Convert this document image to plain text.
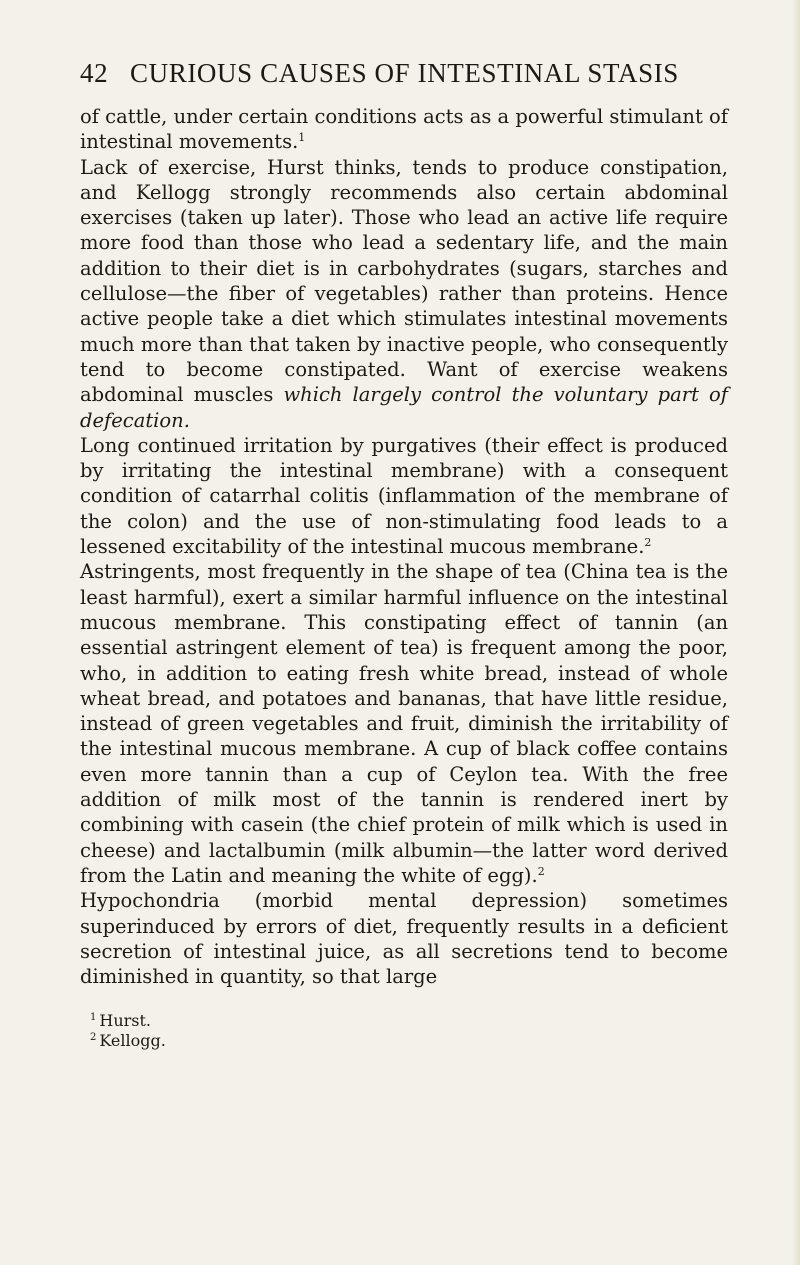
42 CURIOUS CAUSES OF INTESTINAL STASIS

of cattle, under certain conditions acts as a powerful stimulant of intestinal movements.$^1$

Lack of exercise, Hurst thinks, tends to produce constipation, and Kellogg strongly recommends also certain abdominal exercises (taken up later). Those who lead an active life require more food than those who lead a sedentary life, and the main addition to their diet is in carbohydrates (sugars, starches and cellulose—the fiber of vegetables) rather than proteins. Hence active people take a diet which stimulates intestinal movements much more than that taken by inactive people, who consequently tend to become constipated. Want of exercise weakens abdominal muscles which largely control the voluntary part of defecation.

Long continued irritation by purgatives (their effect is produced by irritating the intestinal membrane) with a consequent condition of catarrhal colitis (inflammation of the membrane of the colon) and the use of non-stimulating food leads to a lessened excitability of the intestinal mucous membrane.$^2$

Astringents, most frequently in the shape of tea (China tea is the least harmful), exert a similar harmful influence on the intestinal mucous membrane. This constipating effect of tannin (an essential astringent element of tea) is frequent among the poor, who, in addition to eating fresh white bread, instead of whole wheat bread, and potatoes and bananas, that have little residue, instead of green vegetables and fruit, diminish the irritability of the intestinal mucous membrane. A cup of black coffee contains even more tannin than a cup of Ceylon tea. With the free addition of milk most of the tannin is rendered inert by combining with casein (the chief protein of milk which is used in cheese) and lactalbumin (milk albumin—the latter word derived from the Latin and meaning the white of egg).$^2$

Hypochondria (morbid mental depression) sometimes superinduced by errors of diet, frequently results in a deficient secretion of intestinal juice, as all secretions tend to become diminished in quantity, so that large

$^1$ Hurst.
$^2$ Kellogg.
